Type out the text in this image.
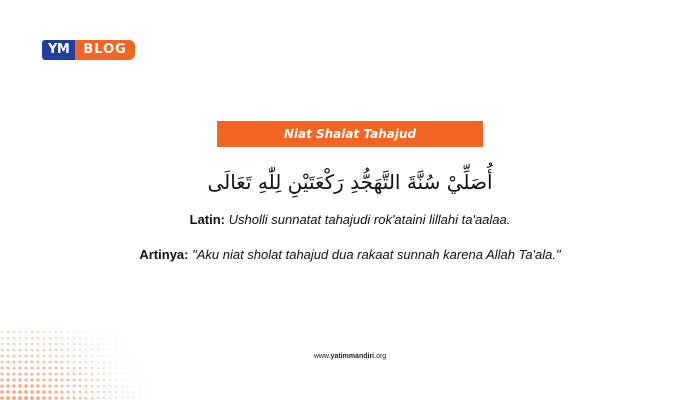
YM	BLOG
Niat Shalat Tahajud
أُصَلِّيْ سُنَّةَ التَّهَجُّدِ رَكْعَتَيْنِ لِلّٰهِ تَعَالَى
Latin: Usholli sunnatat tahajudi rok'ataini lillahi ta'aalaa.
Artinya: "Aku niat sholat tahajud dua rakaat sunnah karena Allah Ta'ala."
www.yatimmandiri.org
